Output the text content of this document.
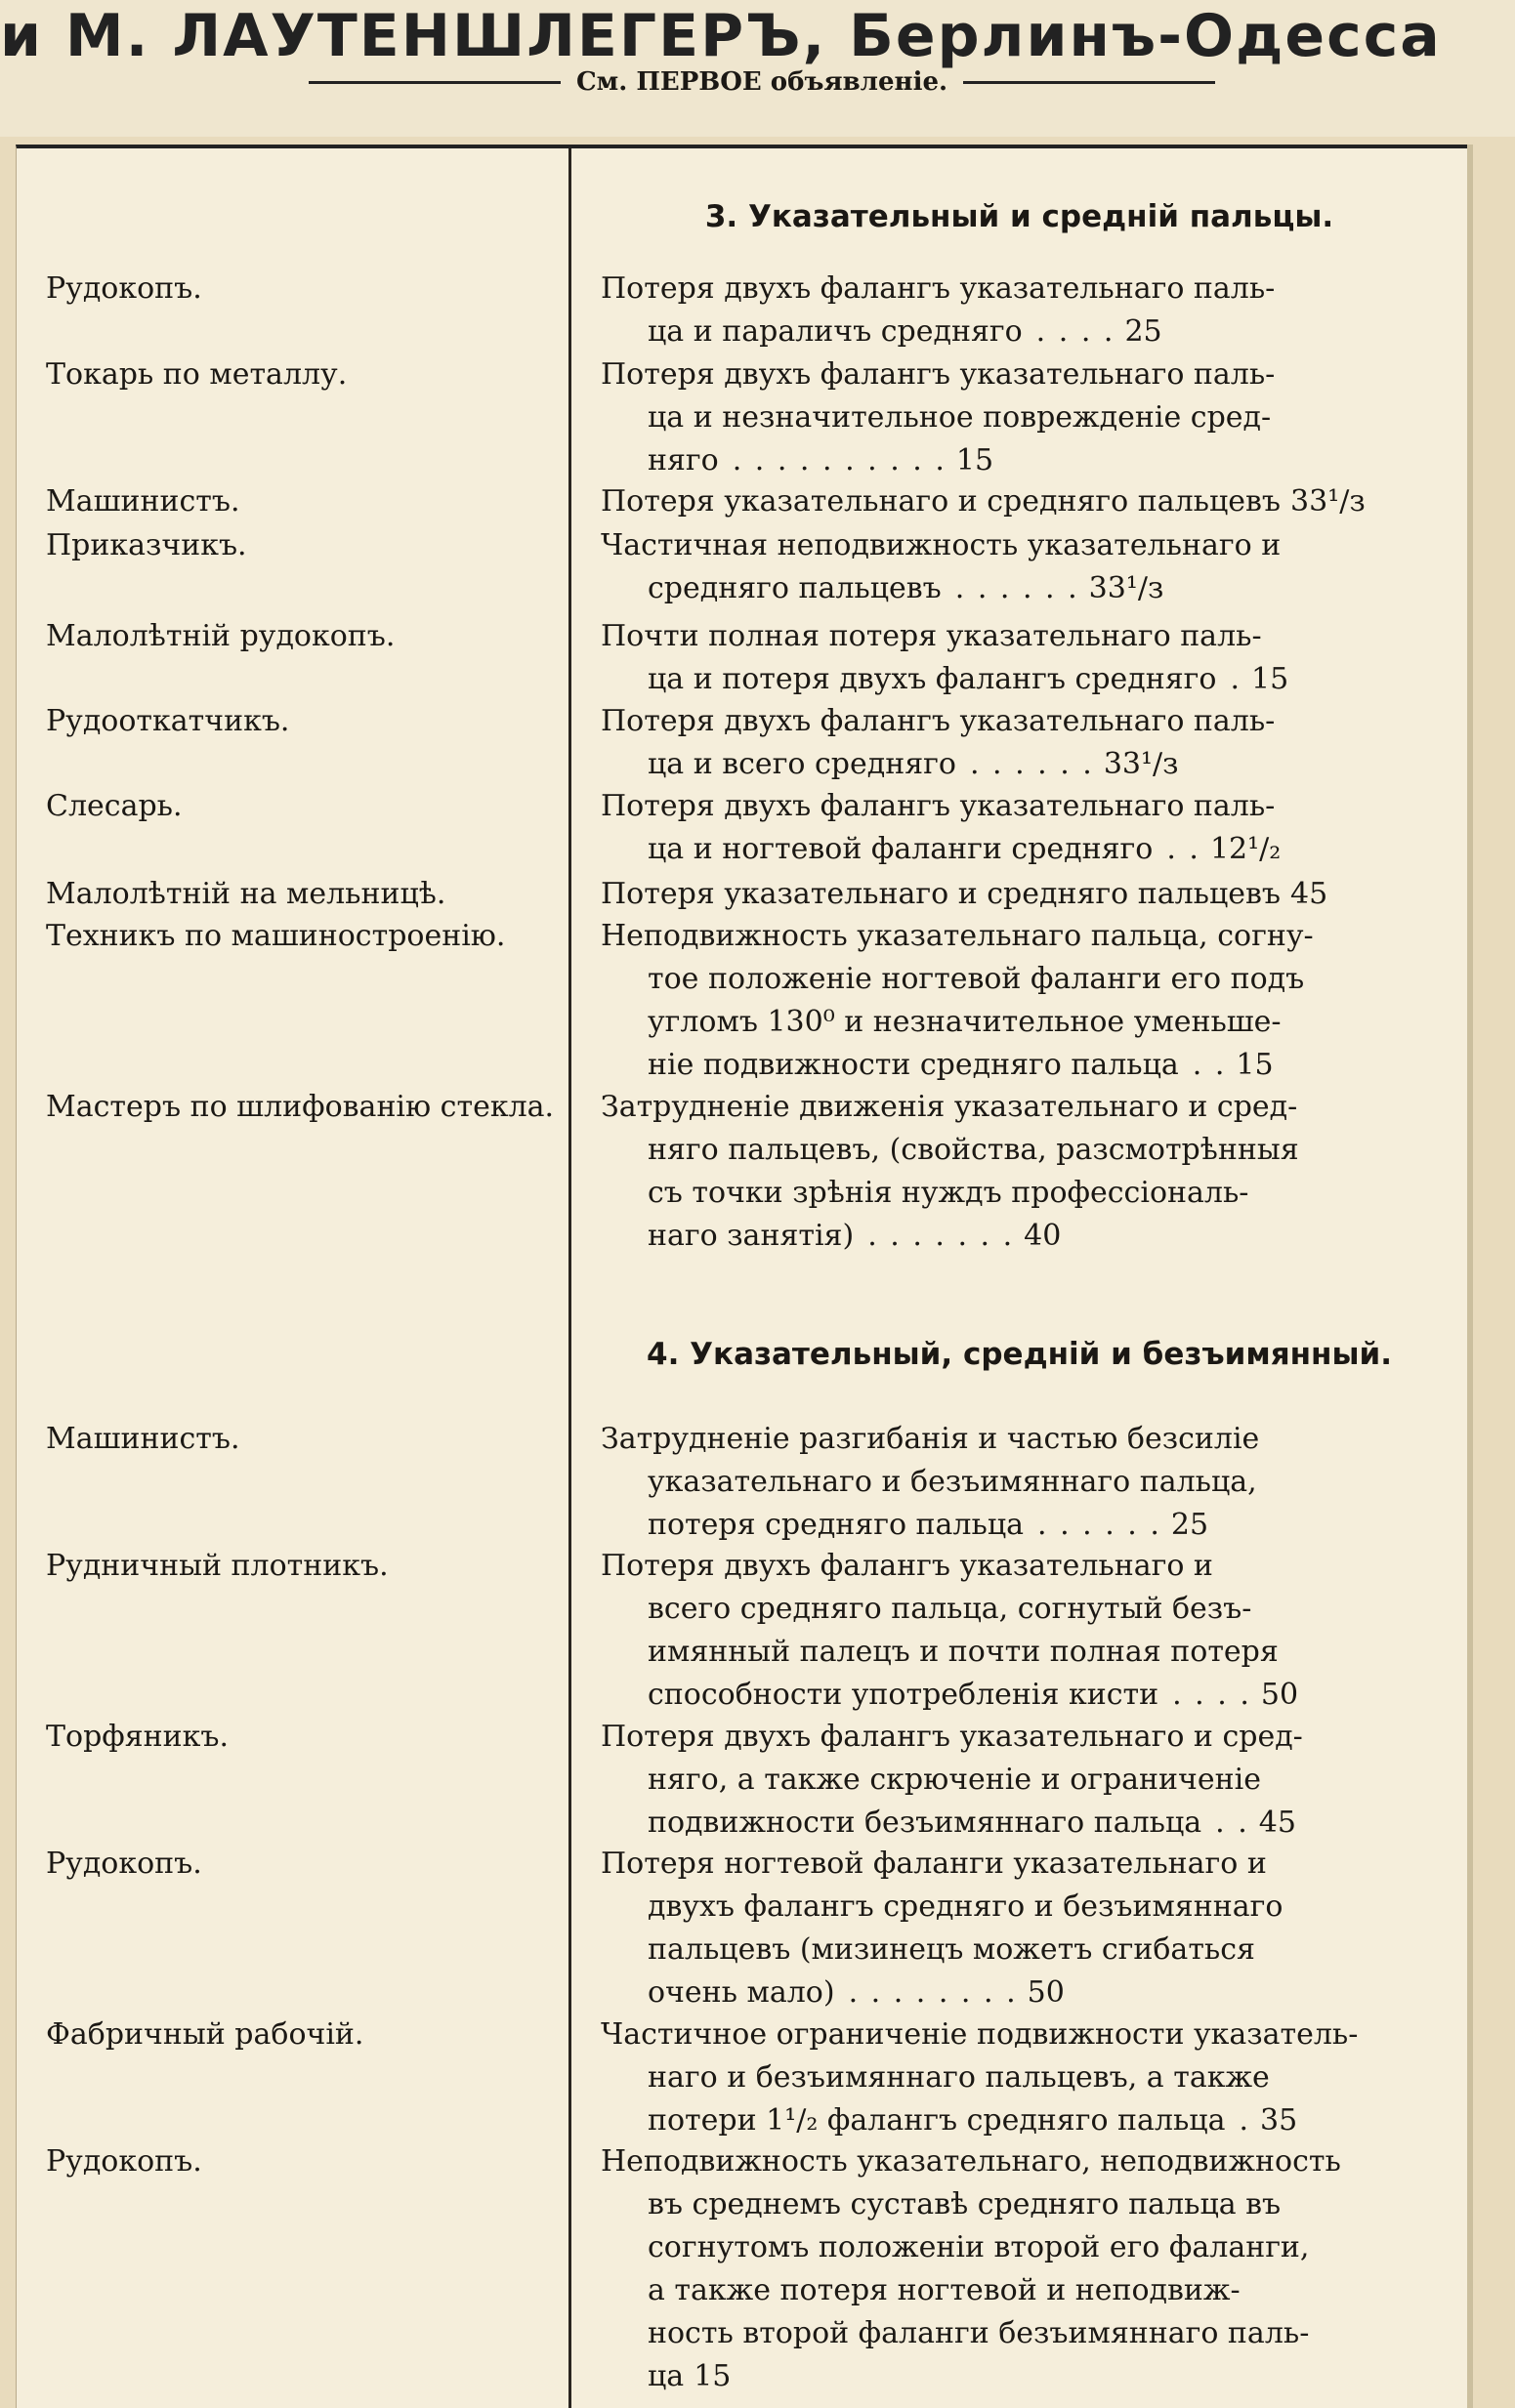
и М. ЛАУТЕНШЛЕГЕРЪ, Берлинъ-Одесса
См. ПЕРВОЕ объявленіе.
3. Указательный и средній пальцы.
Рудокопъ.	Потеря двухъ фалангъ указательнаго паль-
ца и параличъ средняго . . . . 25
Токарь по металлу.	Потеря двухъ фалангъ указательнаго паль-
ца и незначительное повреждeніе сред-
няго . . . . . . . . . . 15
Машинистъ.	Потеря указательнаго и средняго пальцевъ 33¹/з
Приказчикъ.	Частичная неподвижность указательнаго и
средняго пальцевъ . . . . . . 33¹/з
Малолѣтній рудокопъ.	Почти полная потеря указательнаго паль-
ца и потеря двухъ фалангъ средняго . 15
Рудооткатчикъ.	Потеря двухъ фалангъ указательнаго паль-
ца и всего средняго . . . . . . 33¹/з
Слесарь.	Потеря двухъ фалангъ указательнаго паль-
ца и ногтевой фаланги средняго . . 12¹/₂
Малолѣтній на мельницѣ.	Потеря указательнаго и средняго пальцевъ 45
Техникъ по машиностроенію.	Неподвижность указательнаго пальца, согну-
тое положеніе ногтевой фаланги его подъ
угломъ 130⁰ и незначительное уменьше-
ніе подвижности средняго пальца . . 15
Мастеръ по шлифованію стекла.	Затрудненіе движенія указательнаго и сред-
няго пальцевъ, (свойства, разсмотрѣнныя
съ точки зрѣнія нуждъ профессіональ-
наго занятія) . . . . . . . 40
4. Указательный, средній и безъимянный.
Машинистъ.	Затрудненіе разгибанія и частью безсиліе
указательнаго и безъимяннаго пальца,
потеря средняго пальца . . . . . . 25
Рудничный плотникъ.	Потеря двухъ фалангъ указательнаго и
всего средняго пальца, согнутый безъ-
имянный палецъ и почти полная потеря
способности употребленія кисти . . . . 50
Торфяникъ.	Потеря двухъ фалангъ указательнаго и сред-
няго, а также скрюченіе и ограниченіе
подвижности безъимяннаго пальца . . 45
Рудокопъ.	Потеря ногтевой фаланги указательнаго и
двухъ фалангъ средняго и безъимяннаго
пальцевъ (мизинецъ можетъ сгибаться
очень мало) . . . . . . . . 50
Фабричный рабочій.	Частичное ограниченіе подвижности указатель-
наго и безъимяннаго пальцевъ, а также
потери 1¹/₂ фалангъ средняго пальца . 35
Рудокопъ.	Неподвижность указательнаго, неподвижность
въ среднемъ суставѣ средняго пальца въ
согнутомъ положеніи второй его фаланги,
а также потеря ногтевой и неподвиж-
ность второй фаланги безъимяннаго паль-
ца 15
